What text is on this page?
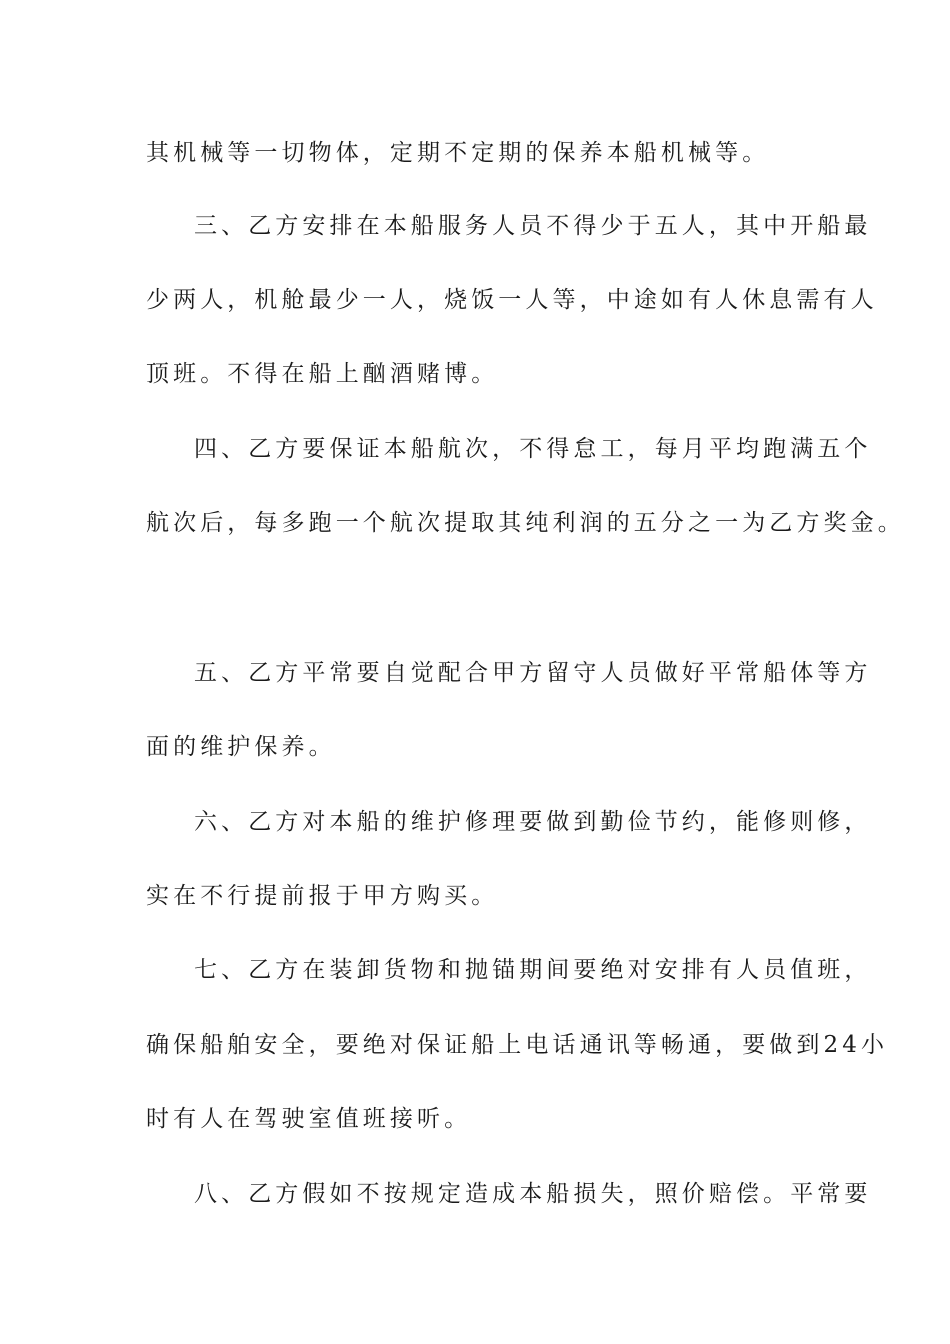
其机械等一切物体，定期不定期的保养本船机械等。
三、乙方安排在本船服务人员不得少于五人，其中开船最
少两人，机舱最少一人，烧饭一人等，中途如有人休息需有人
顶班。不得在船上酗酒赌博。
四、乙方要保证本船航次，不得怠工，每月平均跑满五个
航次后，每多跑一个航次提取其纯利润的五分之一为乙方奖金。
五、乙方平常要自觉配合甲方留守人员做好平常船体等方
面的维护保养。
六、乙方对本船的维护修理要做到勤俭节约，能修则修，
实在不行提前报于甲方购买。
七、乙方在装卸货物和抛锚期间要绝对安排有人员值班，
确保船舶安全，要绝对保证船上电话通讯等畅通，要做到24小
时有人在驾驶室值班接听。
八、乙方假如不按规定造成本船损失，照价赔偿。平常要
